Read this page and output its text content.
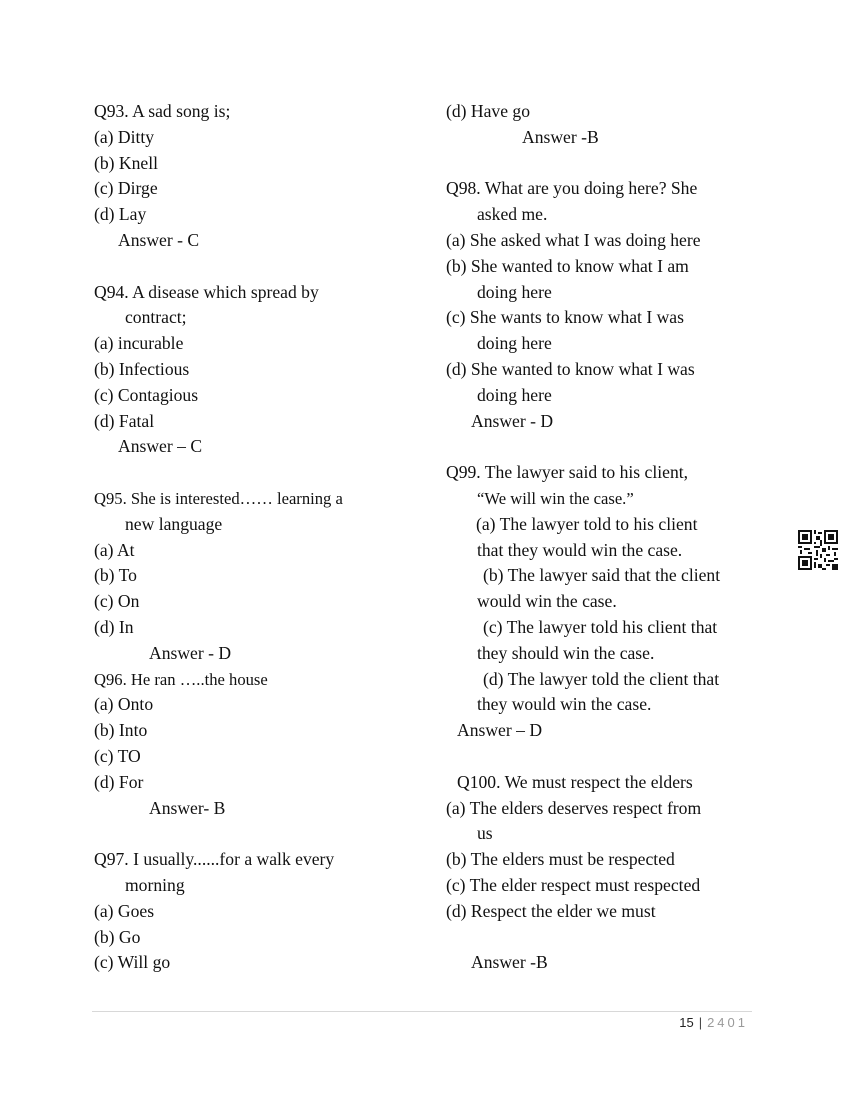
Q93. A sad song is;
(a) Ditty
(b) Knell
(c) Dirge
(d) Lay
Answer - C
Q94. A disease which spread by
contract;
(a) incurable
(b) Infectious
(c) Contagious
(d) Fatal
Answer – C
Q95. She is interested…… learning a
new language
(a) At
(b) To
(c) On
(d) In
Answer - D
Q96. He ran …..the house
(a) Onto
(b) Into
(c) TO
(d) For
Answer- B
Q97. I usually......for a walk every
morning
(a) Goes
(b) Go
(c) Will go
(d) Have go
Answer -B
Q98. What are you doing here? She
asked me.
(a) She asked what I was doing here
(b) She wanted to know what I am
doing here
(c) She wants to know what I was
doing here
(d) She wanted to know what I was
doing here
Answer - D
Q99. The lawyer said to his client,
“We will win the case.”
(a) The lawyer told to his client
that they would win the case.
(b) The lawyer said that the client
would win the case.
(c) The lawyer told his client that
they should win the case.
(d) The lawyer told the client that
they would win the case.
Answer – D
Q100. We must respect the elders
(a) The elders deserves respect from
us
(b) The elders must be respected
(c) The elder respect must respected
(d) Respect the elder we must
Answer -B
15 | 2401
